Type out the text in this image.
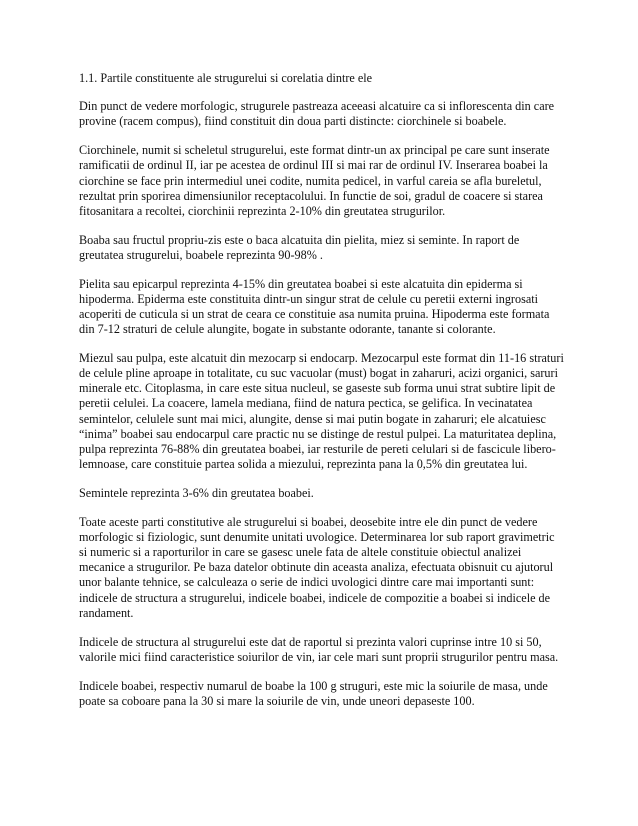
1.1. Partile constituente ale strugurelui si corelatia dintre ele

Din punct de vedere morfologic, strugurele pastreaza aceeasi alcatuire ca si inflorescenta din care provine (racem compus), fiind constituit din doua parti distincte: ciorchinele si boabele.

Ciorchinele, numit si scheletul strugurelui, este format dintr-un ax principal pe care sunt inserate ramificatii de ordinul II, iar pe acestea de ordinul III si mai rar de ordinul IV. Inserarea boabei la ciorchine se face prin intermediul unei codite, numita pedicel, in varful careia se afla bureletul, rezultat prin sporirea dimensiunilor receptacolului. In functie de soi, gradul de coacere si starea fitosanitara a recoltei, ciorchinii reprezinta 2-10% din greutatea strugurilor.

Boaba sau fructul propriu-zis este o baca alcatuita din pielita, miez si seminte. In raport de greutatea strugurelui, boabele reprezinta 90-98% .

Pielita sau epicarpul reprezinta 4-15% din greutatea boabei si este alcatuita din epiderma si hipoderma. Epiderma este constituita dintr-un singur strat de celule cu peretii externi ingrosati acoperiti de cuticula si un strat de ceara ce constituie asa numita pruina. Hipoderma este formata din 7-12 straturi de celule alungite, bogate in substante odorante, tanante si colorante.

Miezul sau pulpa, este alcatuit din mezocarp si endocarp. Mezocarpul este format din 11-16 straturi de celule pline aproape in totalitate, cu suc vacuolar (must) bogat in zaharuri, acizi organici, saruri minerale etc. Citoplasma, in care este situa nucleul, se gaseste sub forma unui strat subtire lipit de peretii celulei. La coacere, lamela mediana, fiind de natura pectica, se gelifica. In vecinatatea semintelor, celulele sunt mai mici, alungite, dense si mai putin bogate in zaharuri; ele alcatuiesc “inima” boabei sau endocarpul care practic nu se distinge de restul pulpei. La maturitatea deplina, pulpa reprezinta 76-88% din greutatea boabei, iar resturile de pereti celulari si de fascicule libero-lemnoase, care constituie partea solida a miezului, reprezinta pana la 0,5% din greutatea lui.

Semintele reprezinta 3-6% din greutatea boabei.

Toate aceste parti constitutive ale strugurelui si boabei, deosebite intre ele din punct de vedere morfologic si fiziologic, sunt denumite unitati uvologice. Determinarea lor sub raport gravimetric si numeric si a raporturilor in care se gasesc unele fata de altele constituie obiectul analizei mecanice a strugurilor. Pe baza datelor obtinute din aceasta analiza, efectuata obisnuit cu ajutorul unor balante tehnice, se calculeaza o serie de indici uvologici dintre care mai importanti sunt: indicele de structura a strugurelui, indicele boabei, indicele de compozitie a boabei si indicele de randament.

Indicele de structura al strugurelui este dat de raportul si prezinta valori cuprinse intre 10 si 50, valorile mici fiind caracteristice soiurilor de vin, iar cele mari sunt proprii strugurilor pentru masa.

Indicele boabei, respectiv numarul de boabe la 100 g struguri, este mic la soiurile de masa, unde poate sa coboare pana la 30 si mare la soiurile de vin, unde uneori depaseste 100.
